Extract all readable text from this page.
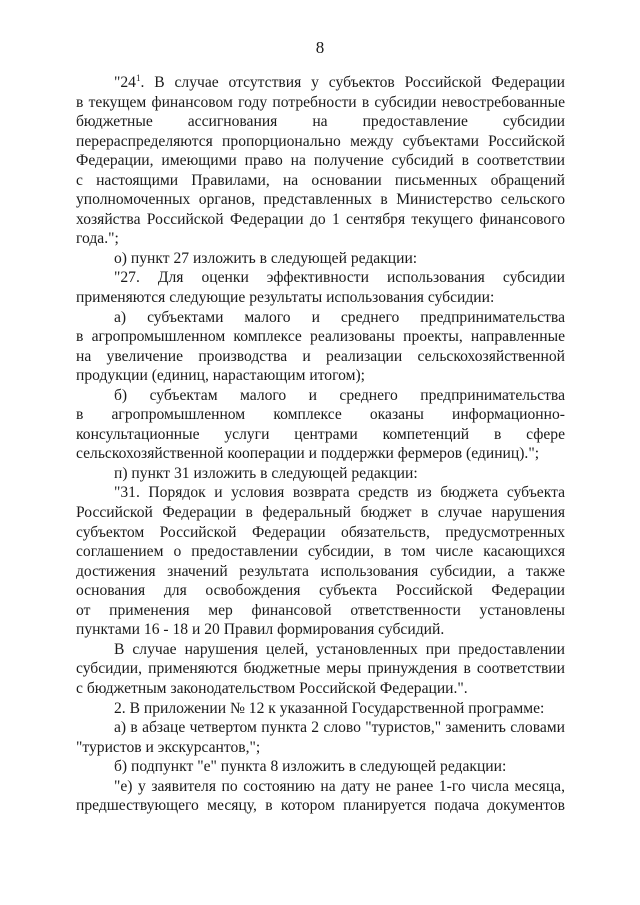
8
"$24^1$. В случае отсутствия у субъектов Российской Федерации
в текущем финансовом году потребности в субсидии невостребованные
бюджетные ассигнования на предоставление субсидии
перераспределяются пропорционально между субъектами Российской
Федерации, имеющими право на получение субсидий в соответствии
с настоящими Правилами, на основании письменных обращений
уполномоченных органов, представленных в Министерство сельского
хозяйства Российской Федерации до 1 сентября текущего финансового
года.";
о) пункт 27 изложить в следующей редакции:
"27. Для оценки эффективности использования субсидии
применяются следующие результаты использования субсидии:
а) субъектами малого и среднего предпринимательства
в агропромышленном комплексе реализованы проекты, направленные
на увеличение производства и реализации сельскохозяйственной
продукции (единиц, нарастающим итогом);
б) субъектам малого и среднего предпринимательства
в агропромышленном комплексе оказаны информационно-
консультационные услуги центрами компетенций в сфере
сельскохозяйственной кооперации и поддержки фермеров (единиц).";
п) пункт 31 изложить в следующей редакции:
"31. Порядок и условия возврата средств из бюджета субъекта
Российской Федерации в федеральный бюджет в случае нарушения
субъектом Российской Федерации обязательств, предусмотренных
соглашением о предоставлении субсидии, в том числе касающихся
достижения значений результата использования субсидии, а также
основания для освобождения субъекта Российской Федерации
от применения мер финансовой ответственности установлены
пунктами 16 - 18 и 20 Правил формирования субсидий.
В случае нарушения целей, установленных при предоставлении
субсидии, применяются бюджетные меры принуждения в соответствии
с бюджетным законодательством Российской Федерации.".
2. В приложении № 12 к указанной Государственной программе:
а) в абзаце четвертом пункта 2 слово "туристов," заменить словами
"туристов и экскурсантов,";
б) подпункт "е" пункта 8 изложить в следующей редакции:
"е) у заявителя по состоянию на дату не ранее 1-го числа месяца,
предшествующего месяцу, в котором планируется подача документов
